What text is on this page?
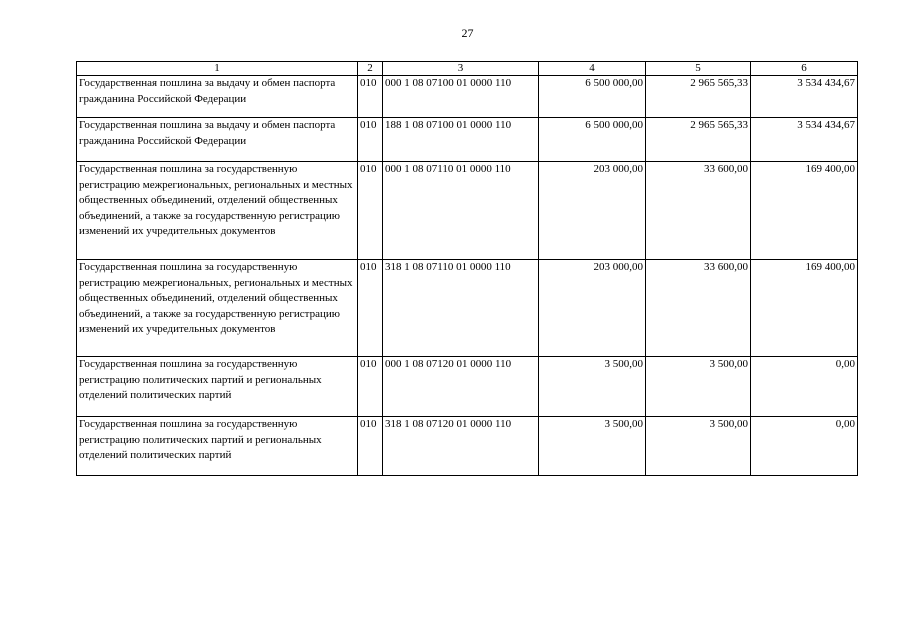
27
1	2	3	4	5	6
Государственная пошлина за выдачу и обмен паспорта гражданина Российской Федерации	010	000 1 08 07100 01 0000 110	6 500 000,00	2 965 565,33	3 534 434,67
Государственная пошлина за выдачу и обмен паспорта гражданина Российской Федерации	010	188 1 08 07100 01 0000 110	6 500 000,00	2 965 565,33	3 534 434,67
Государственная пошлина за государственную регистрацию межрегиональных, региональных и местных общественных объединений, отделений общественных объединений, а также за государственную регистрацию изменений их учредительных документов	010	000 1 08 07110 01 0000 110	203 000,00	33 600,00	169 400,00
Государственная пошлина за государственную регистрацию межрегиональных, региональных и местных общественных объединений, отделений общественных объединений, а также за государственную регистрацию изменений их учредительных документов	010	318 1 08 07110 01 0000 110	203 000,00	33 600,00	169 400,00
Государственная пошлина за государственную регистрацию политических партий и региональных отделений политических партий	010	000 1 08 07120 01 0000 110	3 500,00	3 500,00	0,00
Государственная пошлина за государственную регистрацию политических партий и региональных отделений политических партий	010	318 1 08 07120 01 0000 110	3 500,00	3 500,00	0,00
